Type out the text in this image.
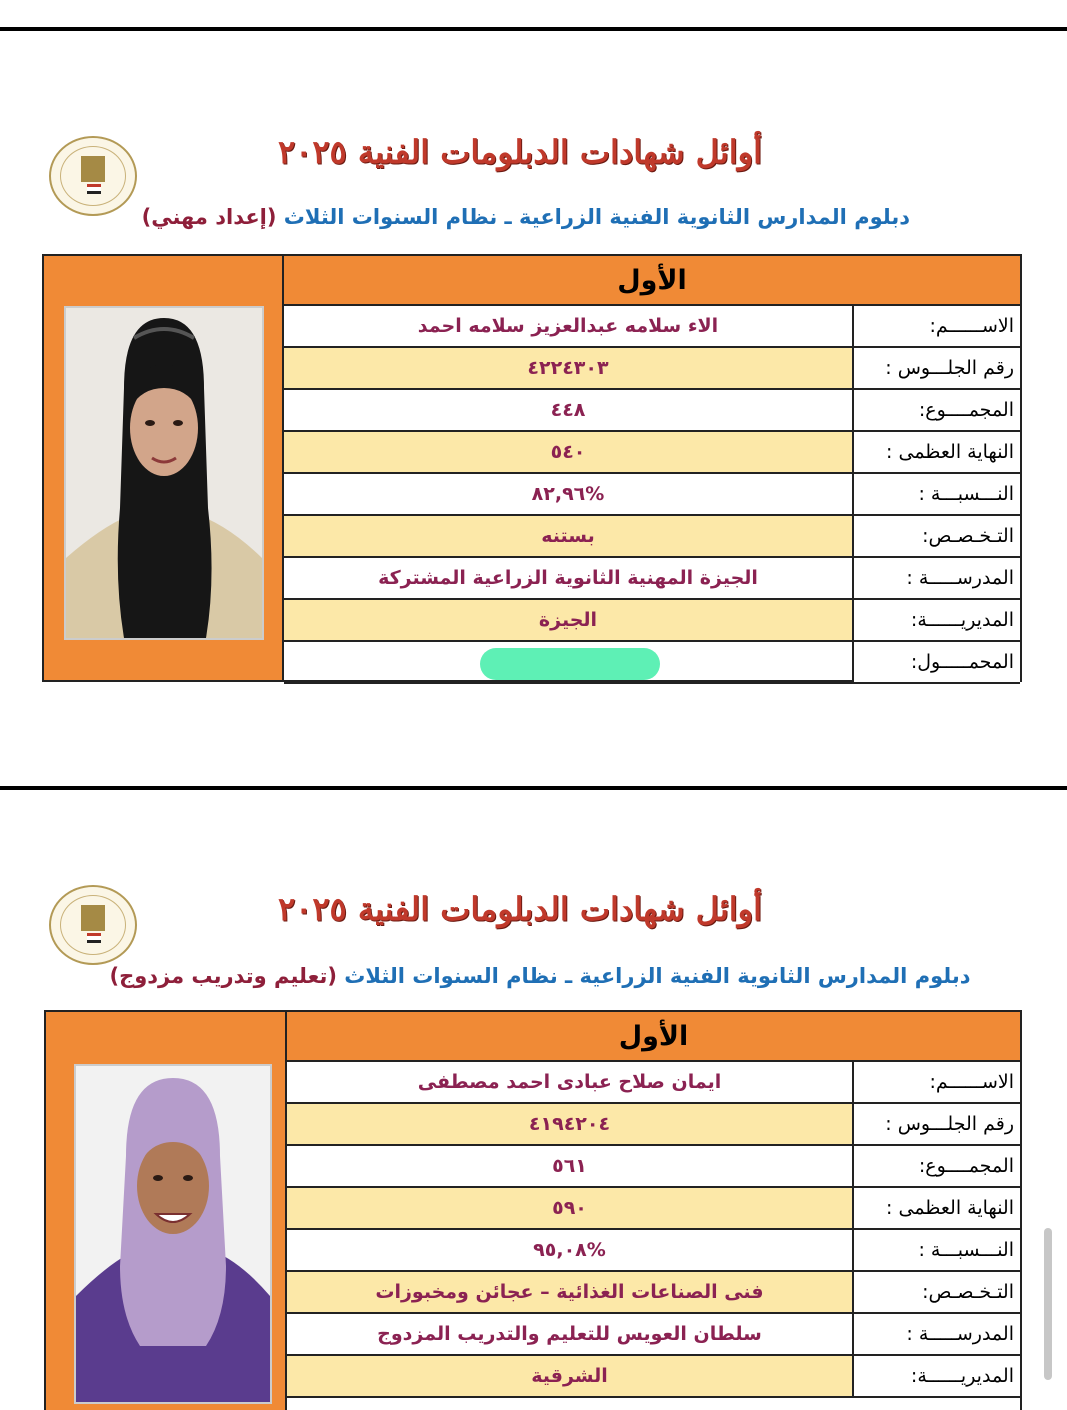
أوائل شهادات الدبلومات الفنية ٢٠٢٥
دبلوم المدارس الثانوية الفنية الزراعية ـ نظام السنوات الثلاث (إعداد مهني)
الأول
الاء سلامه عبدالعزيز سلامه احمد	الاســــــم:
٤٢٢٤٣٠٣	رقم الجلـــوس :
٤٤٨	المجمــــوع:
٥٤٠	النهاية العظمى :
%٨٢,٩٦	النـــسبـــة :
بستنه	التـخـصـص:
الجيزة المهنية الثانوية الزراعية المشتركة	المدرســـــة :
الجيزة	المديريــــــة:
المحمـــــول:
أوائل شهادات الدبلومات الفنية ٢٠٢٥
دبلوم المدارس الثانوية الفنية الزراعية ـ نظام السنوات الثلاث (تعليم وتدريب مزدوج)
الأول
ايمان صلاح عبادى احمد مصطفى	الاســــــم:
٤١٩٤٢٠٤	رقم الجلـــوس :
٥٦١	المجمــــوع:
٥٩٠	النهاية العظمى :
%٩٥,٠٨	النـــسبـــة :
فنى الصناعات الغذائية – عجائن ومخبوزات	التـخـصـص:
سلطان العويس للتعليم والتدريب المزدوج	المدرســـــة :
الشرقية	المديريــــــة:
